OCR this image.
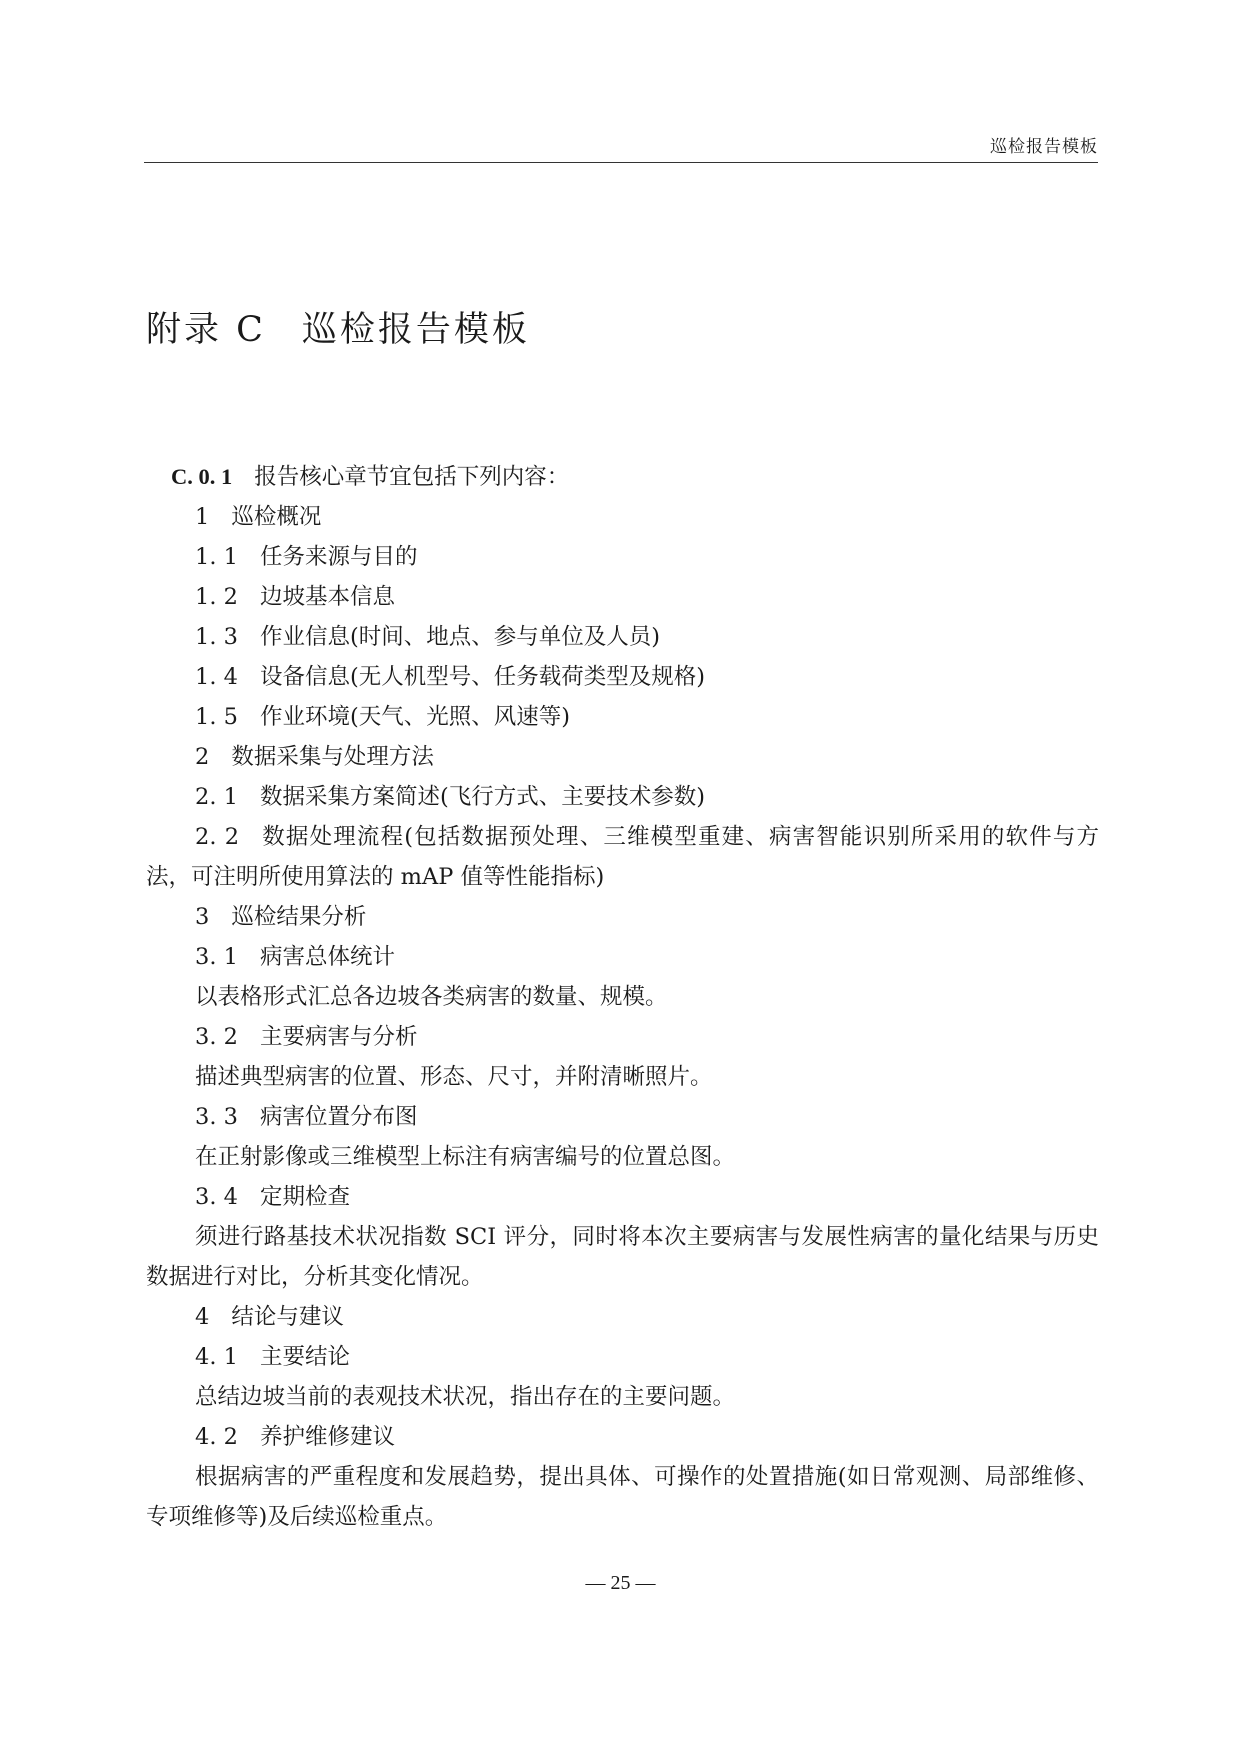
巡检报告模板
附录 C 巡检报告模板
C. 0. 1 报告核心章节宜包括下列内容：
1 巡检概况
1. 1 任务来源与目的
1. 2 边坡基本信息
1. 3 作业信息(时间、地点、参与单位及人员)
1. 4 设备信息(无人机型号、任务载荷类型及规格)
1. 5 作业环境(天气、光照、风速等)
2 数据采集与处理方法
2. 1 数据采集方案简述(飞行方式、主要技术参数)
2. 2 数据处理流程(包括数据预处理、三维模型重建、病害智能识别所采用的软件与方法，可注明所使用算法的 mAP 值等性能指标)
3 巡检结果分析
3. 1 病害总体统计
以表格形式汇总各边坡各类病害的数量、规模。
3. 2 主要病害与分析
描述典型病害的位置、形态、尺寸，并附清晰照片。
3. 3 病害位置分布图
在正射影像或三维模型上标注有病害编号的位置总图。
3. 4 定期检查
须进行路基技术状况指数 SCI 评分，同时将本次主要病害与发展性病害的量化结果与历史数据进行对比，分析其变化情况。
4 结论与建议
4. 1 主要结论
总结边坡当前的表观技术状况，指出存在的主要问题。
4. 2 养护维修建议
根据病害的严重程度和发展趋势，提出具体、可操作的处置措施(如日常观测、局部维修、专项维修等)及后续巡检重点。
— 25 —
